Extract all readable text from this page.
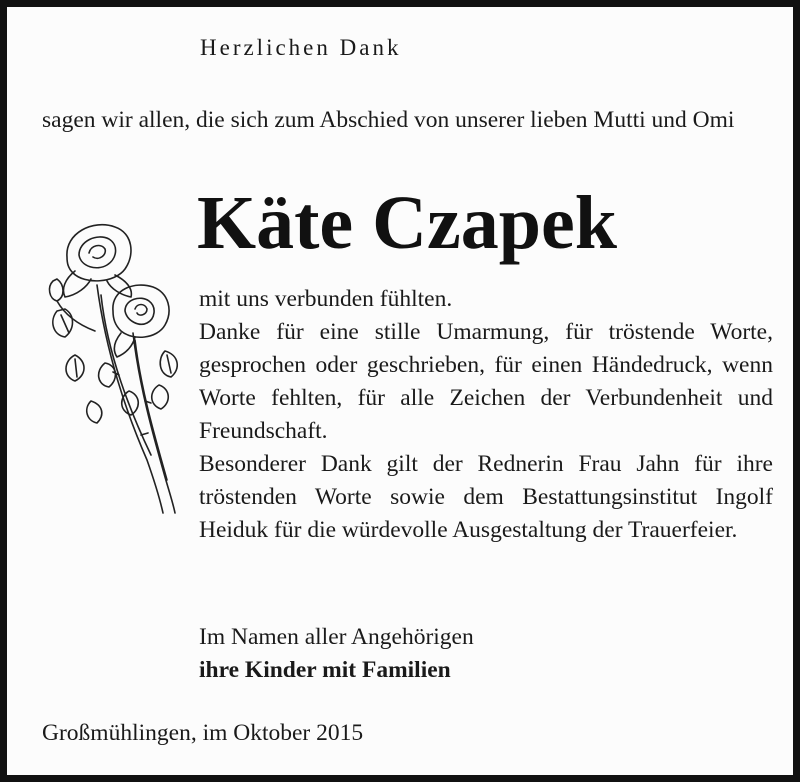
Herzlichen Dank
sagen wir allen, die sich zum Abschied von unserer lieben Mutti und Omi
Käte Czapek

mit uns verbunden fühlten.

Danke für eine stille Umarmung, für tröstende Worte, gesprochen oder geschrieben, für einen Händedruck, wenn Worte fehlten, für alle Zeichen der Verbundenheit und Freundschaft.

Besonderer Dank gilt der Rednerin Frau Jahn für ihre tröstenden Worte sowie dem Bestattungsinstitut Ingolf Heiduk für die würdevolle Ausgestaltung der Trauerfeier.

Im Namen aller Angehörigen
ihre Kinder mit Familien
Großmühlingen, im Oktober 2015
